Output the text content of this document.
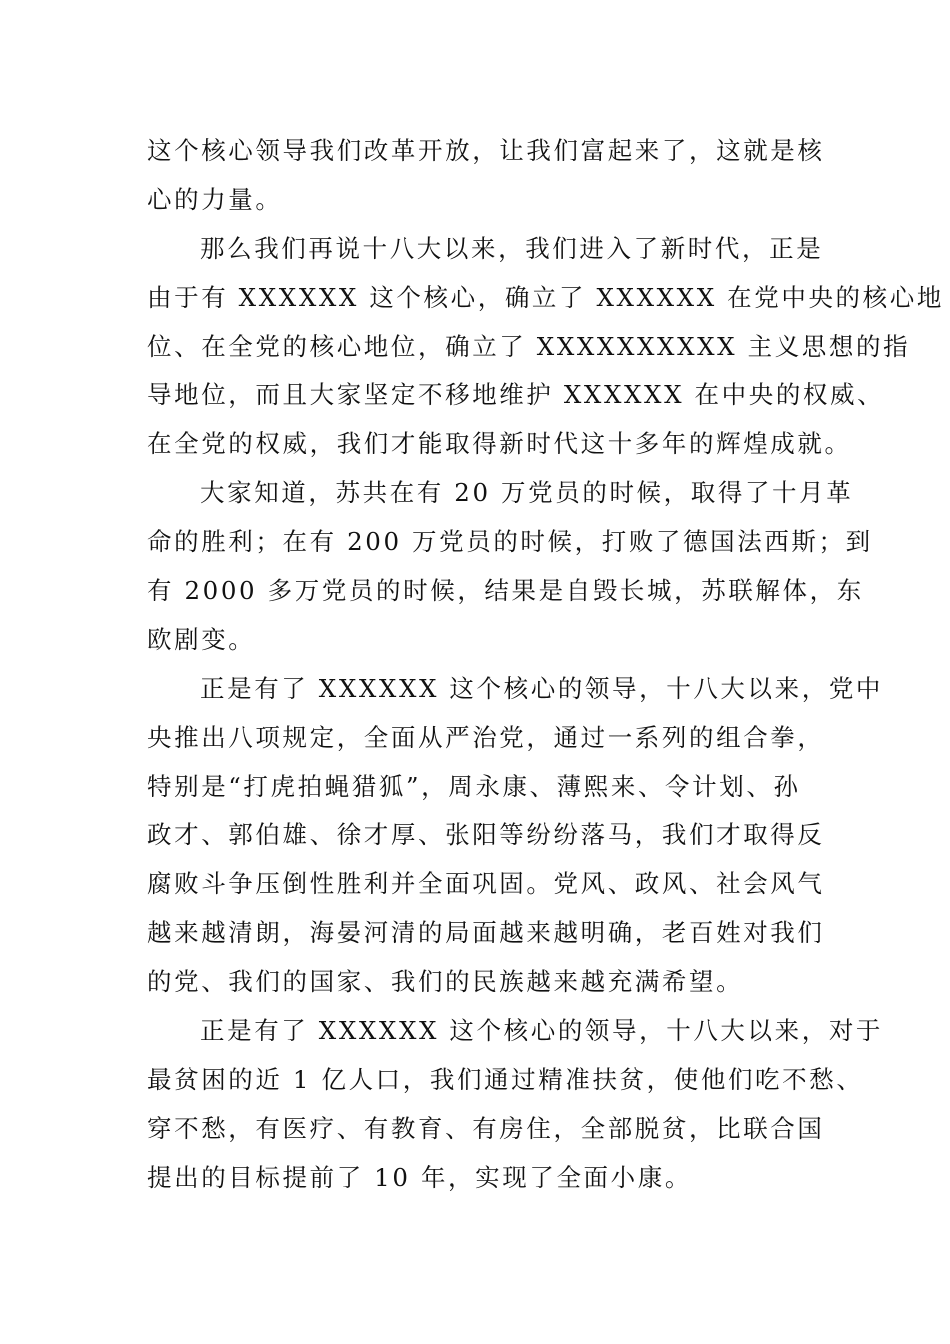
这个核心领导我们改革开放，让我们富起来了，这就是核
心的力量。

那么我们再说十八大以来，我们进入了新时代，正是
由于有 XXXXXX 这个核心，确立了 XXXXXX 在党中央的核心地
位、在全党的核心地位，确立了 XXXXXXXXXX 主义思想的指
导地位，而且大家坚定不移地维护 XXXXXX 在中央的权威、
在全党的权威，我们才能取得新时代这十多年的辉煌成就。

大家知道，苏共在有 20 万党员的时候，取得了十月革
命的胜利；在有 200 万党员的时候，打败了德国法西斯；到
有 2000 多万党员的时候，结果是自毁长城，苏联解体，东
欧剧变。

正是有了 XXXXXX 这个核心的领导，十八大以来，党中
央推出八项规定，全面从严治党，通过一系列的组合拳，
特别是“打虎拍蝇猎狐”，周永康、薄熙来、令计划、孙
政才、郭伯雄、徐才厚、张阳等纷纷落马，我们才取得反
腐败斗争压倒性胜利并全面巩固。党风、政风、社会风气
越来越清朗，海晏河清的局面越来越明确，老百姓对我们
的党、我们的国家、我们的民族越来越充满希望。

正是有了 XXXXXX 这个核心的领导，十八大以来，对于
最贫困的近 1 亿人口，我们通过精准扶贫，使他们吃不愁、
穿不愁，有医疗、有教育、有房住，全部脱贫，比联合国
提出的目标提前了 10 年，实现了全面小康。
